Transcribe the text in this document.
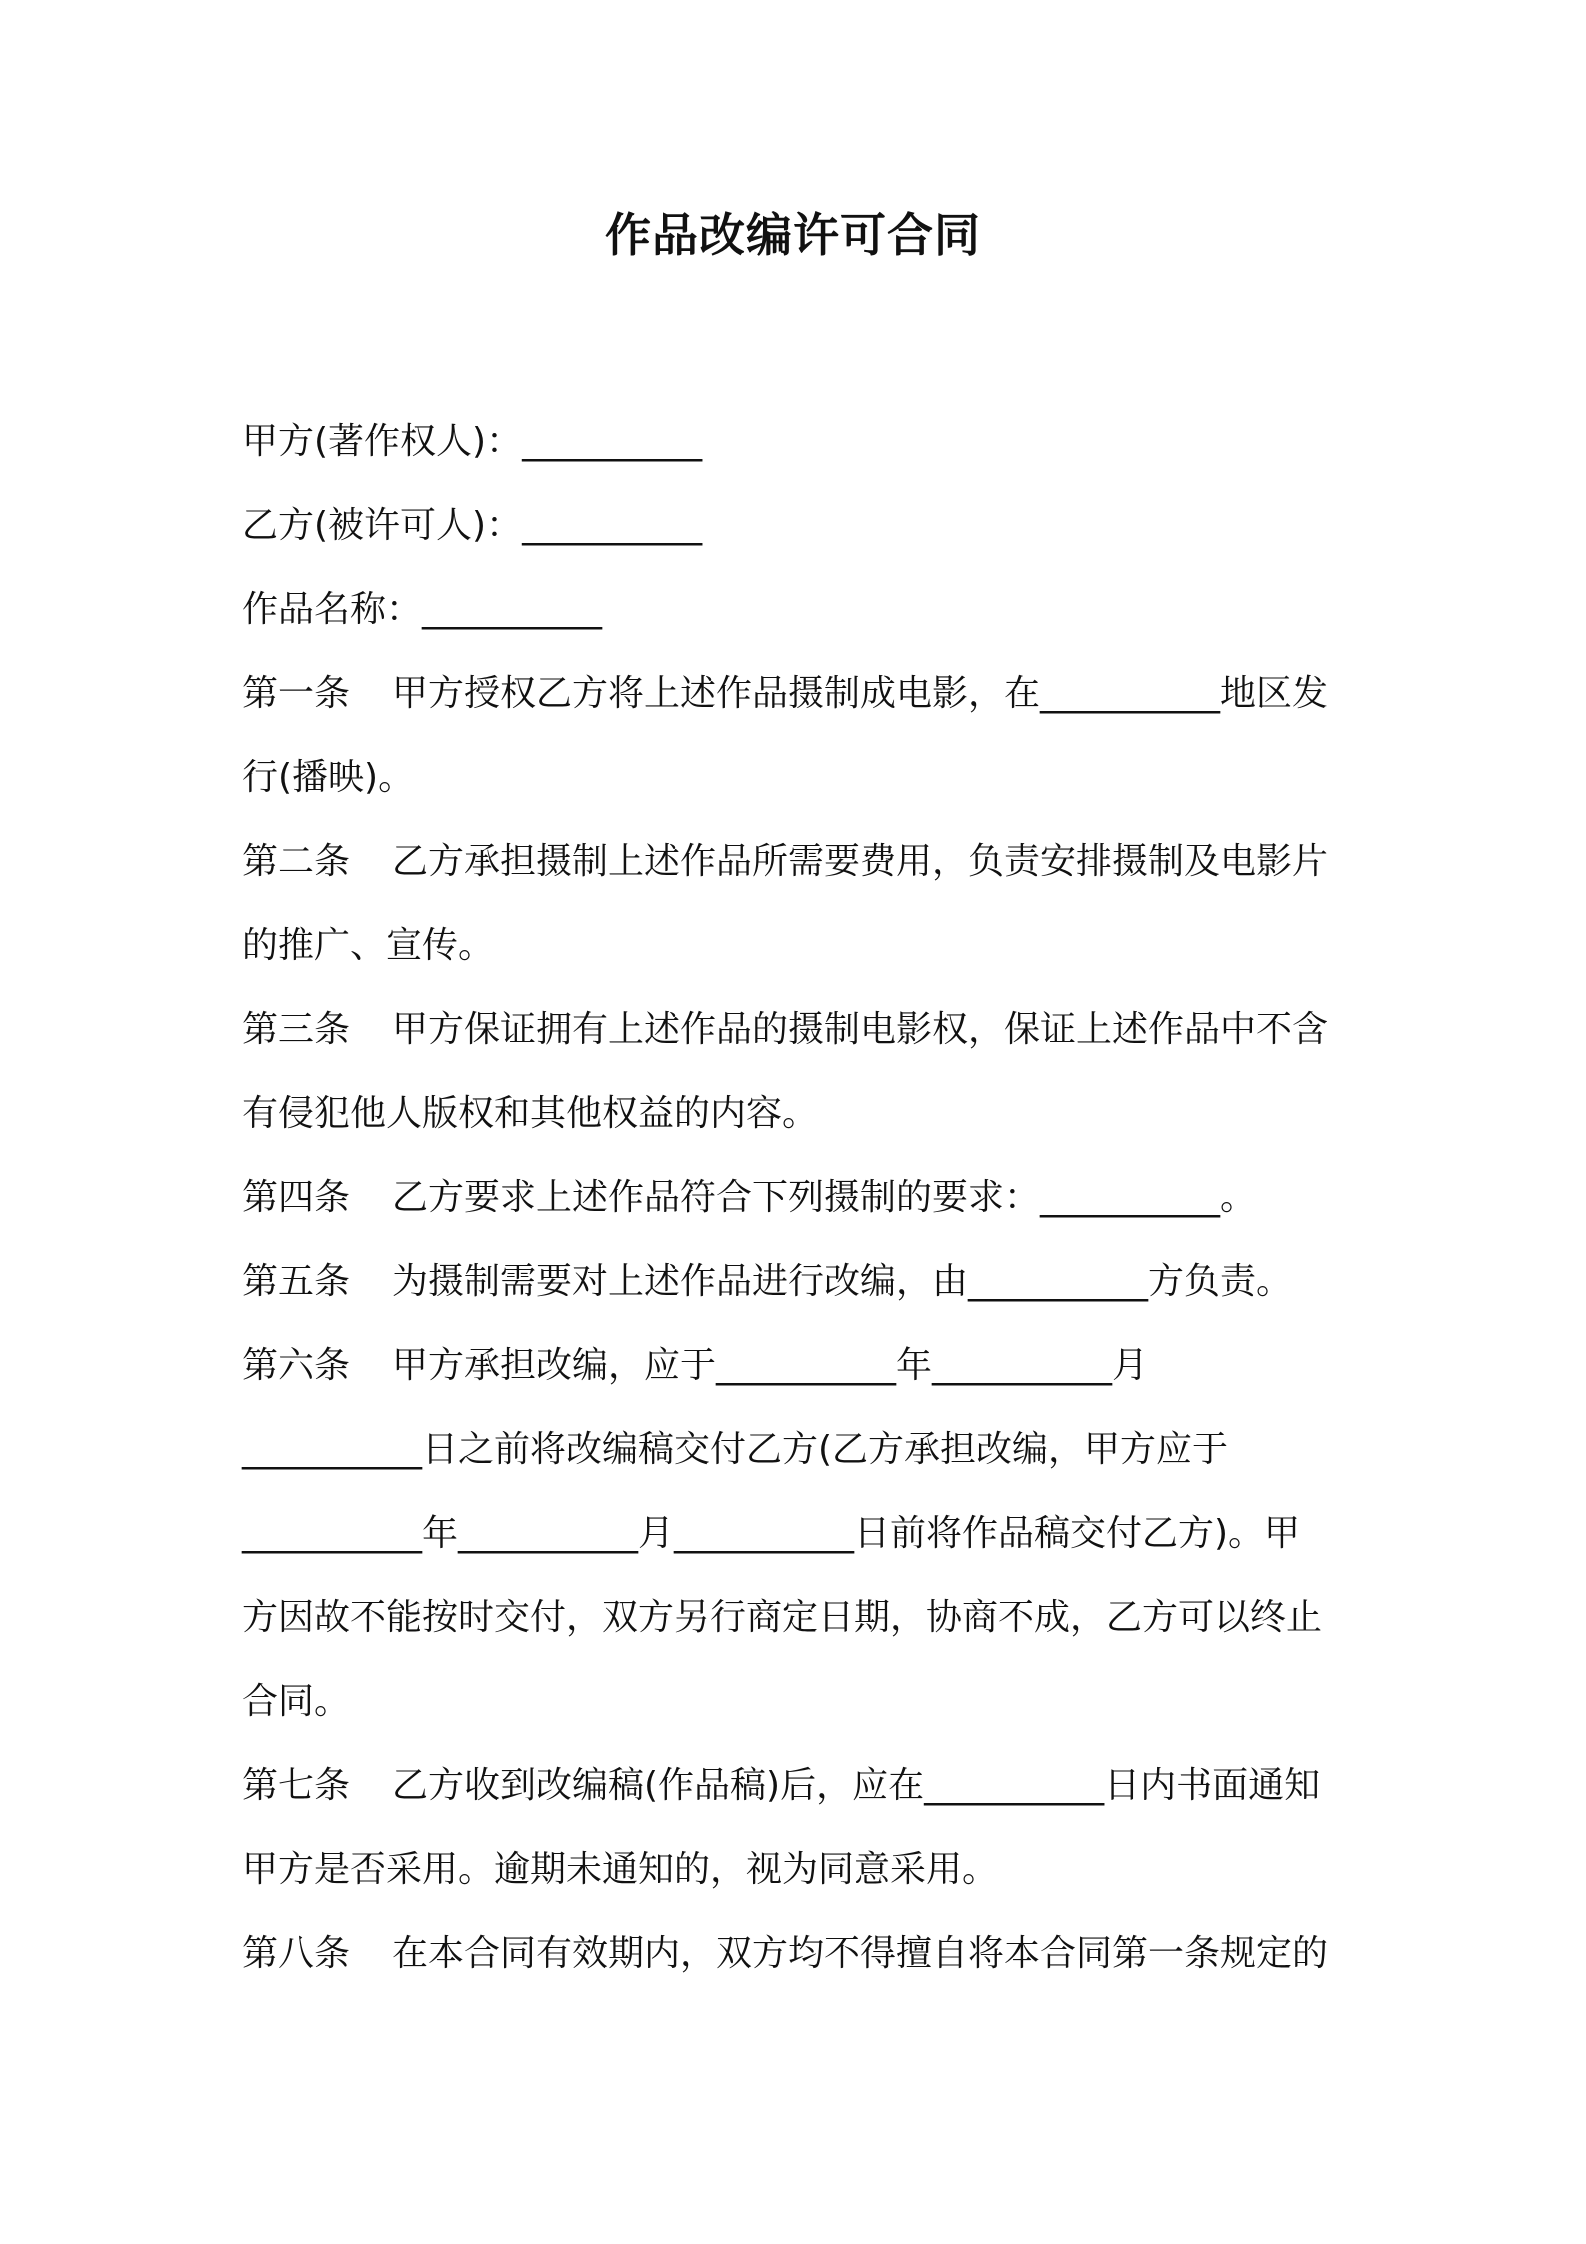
作品改编许可合同
甲方(著作权人)：__________
乙方(被许可人)：__________
作品名称：__________
第一条 甲方授权乙方将上述作品摄制成电影，在__________地区发
行(播映)。
第二条 乙方承担摄制上述作品所需要费用，负责安排摄制及电影片
的推广、宣传。
第三条 甲方保证拥有上述作品的摄制电影权，保证上述作品中不含
有侵犯他人版权和其他权益的内容。
第四条 乙方要求上述作品符合下列摄制的要求：__________。
第五条 为摄制需要对上述作品进行改编，由__________方负责。
第六条 甲方承担改编，应于__________年__________月
__________日之前将改编稿交付乙方(乙方承担改编，甲方应于
__________年__________月__________日前将作品稿交付乙方)。甲
方因故不能按时交付，双方另行商定日期，协商不成，乙方可以终止
合同。
第七条 乙方收到改编稿(作品稿)后，应在__________日内书面通知
甲方是否采用。逾期未通知的，视为同意采用。
第八条 在本合同有效期内，双方均不得擅自将本合同第一条规定的
